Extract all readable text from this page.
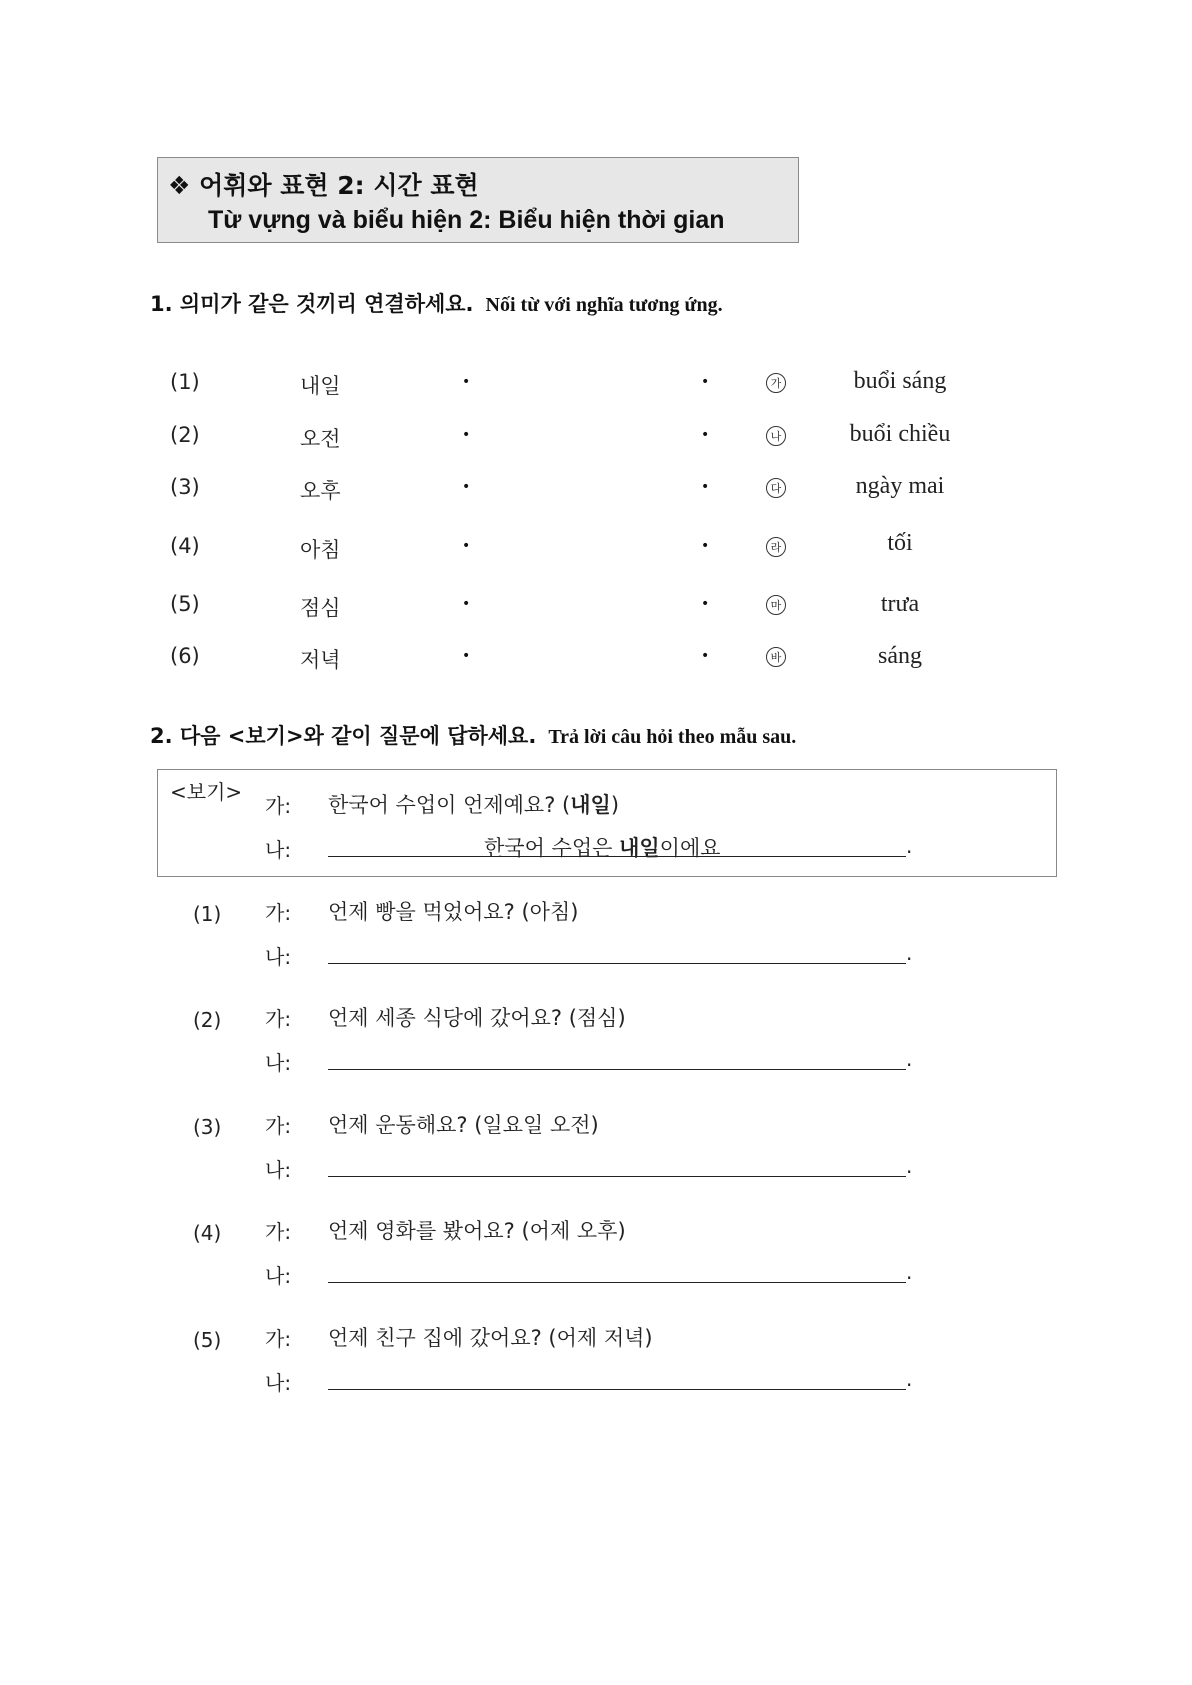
❖ 어휘와 표현 2: 시간 표현
Từ vựng và biểu hiện 2: Biểu hiện thời gian
1. 의미가 같은 것끼리 연결하세요. Nối từ với nghĩa tương ứng.
(1)	내일	•	•	가	buổi sáng
(2)	오전	•	•	나	buổi chiều
(3)	오후	•	•	다	ngày mai
(4)	아침	•	•	라	tối
(5)	점심	•	•	마	trưa
(6)	저녁	•	•	바	sáng
2. 다음 <보기>와 같이 질문에 답하세요. Trả lời câu hỏi theo mẫu sau.
<보기>
가: 한국어 수업이 언제예요? (내일)
나:	한국어 수업은 내일이에요	.
(1) 가: 언제 빵을 먹었어요? (아침)
나:	.
(2) 가: 언제 세종 식당에 갔어요? (점심)
나:	.
(3) 가: 언제 운동해요? (일요일 오전)
나:	.
(4) 가: 언제 영화를 봤어요? (어제 오후)
나:	.
(5) 가: 언제 친구 집에 갔어요? (어제 저녁)
나:	.
